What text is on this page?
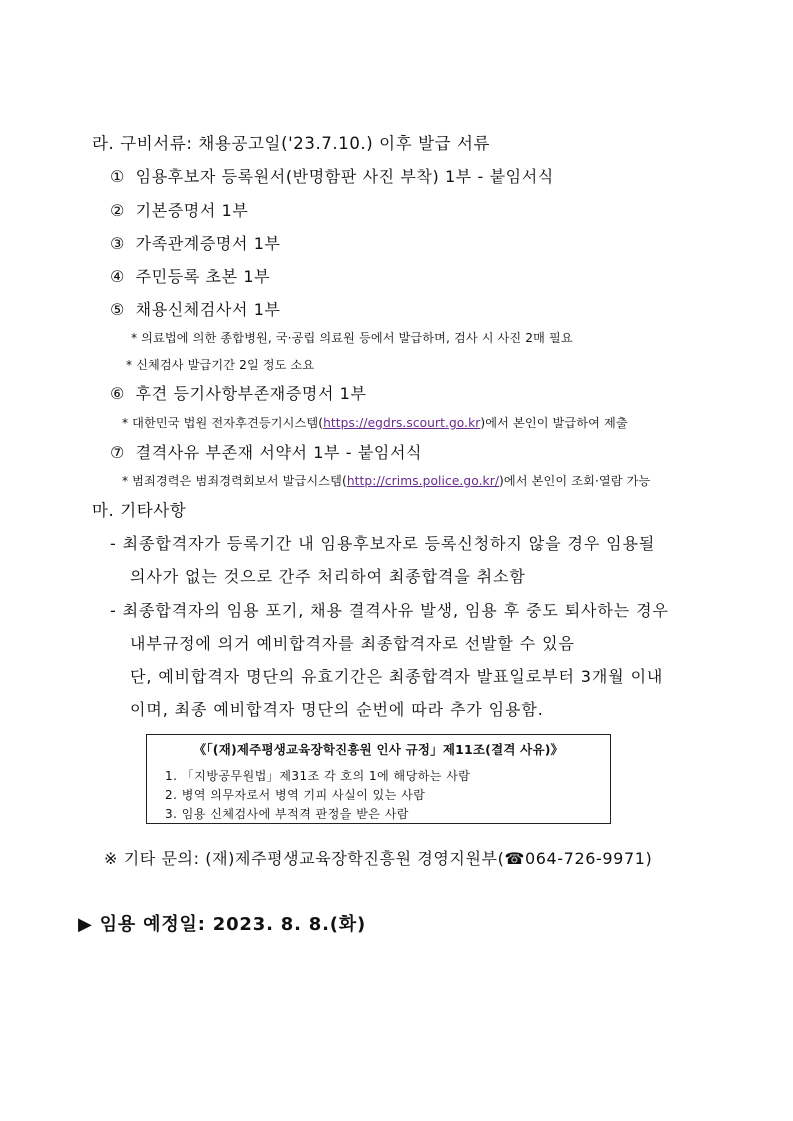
라. 구비서류: 채용공고일('23.7.10.) 이후 발급 서류
① 임용후보자 등록원서(반명함판 사진 부착) 1부 - 붙임서식
② 기본증명서 1부
③ 가족관계증명서 1부
④ 주민등록 초본 1부
⑤ 채용신체검사서 1부
* 의료법에 의한 종합병원, 국·공립 의료원 등에서 발급하며, 검사 시 사진 2매 필요
* 신체검사 발급기간 2일 정도 소요
⑥ 후견 등기사항부존재증명서 1부
* 대한민국 법원 전자후견등기시스템(https://egdrs.scourt.go.kr)에서 본인이 발급하여 제출
⑦ 결격사유 부존재 서약서 1부 - 붙임서식
* 범죄경력은 범죄경력회보서 발급시스템(http://crims.police.go.kr/)에서 본인이 조회·열람 가능
마. 기타사항
- 최종합격자가 등록기간 내 임용후보자로 등록신청하지 않을 경우 임용될
의사가 없는 것으로 간주 처리하여 최종합격을 취소함
- 최종합격자의 임용 포기, 채용 결격사유 발생, 임용 후 중도 퇴사하는 경우
내부규정에 의거 예비합격자를 최종합격자로 선발할 수 있음
단, 예비합격자 명단의 유효기간은 최종합격자 발표일로부터 3개월 이내
이며, 최종 예비합격자 명단의 순번에 따라 추가 임용함.
《「(재)제주평생교육장학진흥원 인사 규정」제11조(결격 사유)》
1. 「지방공무원법」제31조 각 호의 1에 해당하는 사람
2. 병역 의무자로서 병역 기피 사실이 있는 사람
3. 임용 신체검사에 부적격 판정을 받은 사람
※ 기타 문의: (재)제주평생교육장학진흥원 경영지원부(☎064-726-9971)
▶ 임용 예정일: 2023. 8. 8.(화)
